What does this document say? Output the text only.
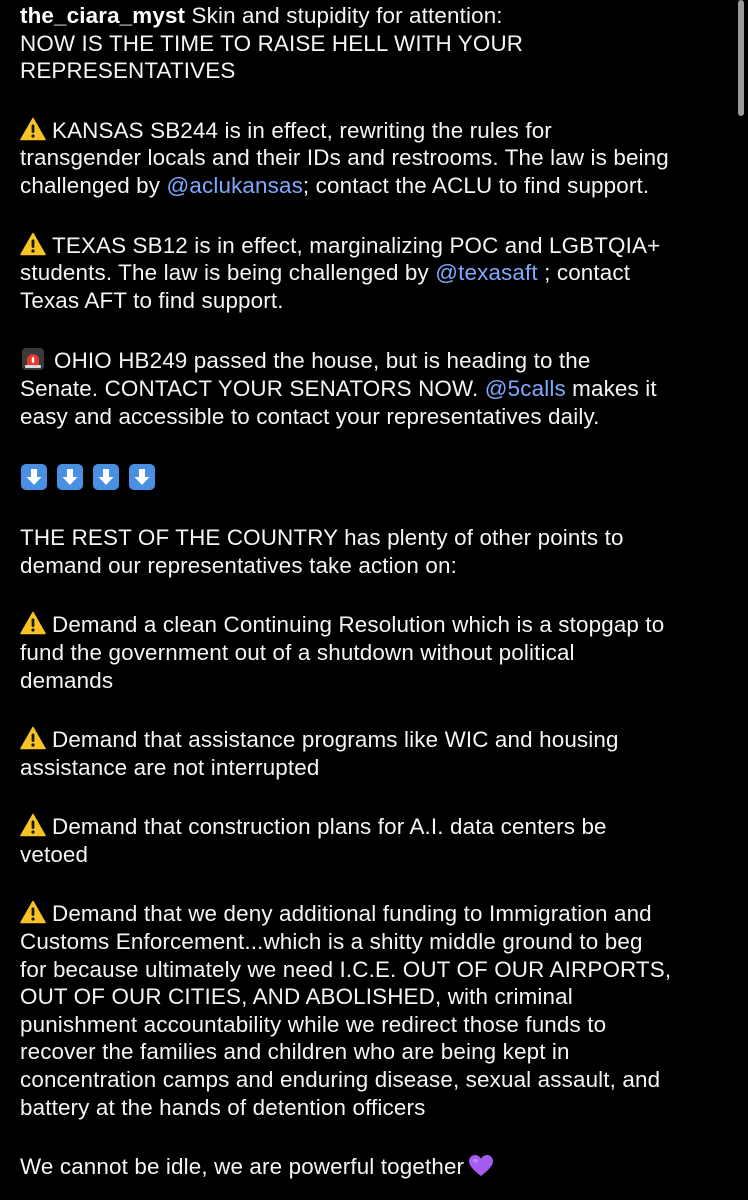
the_ciara_myst Skin and stupidity for attention:
NOW IS THE TIME TO RAISE HELL WITH YOUR
REPRESENTATIVES
KANSAS SB244 is in effect, rewriting the rules for
transgender locals and their IDs and restrooms. The law is being
challenged by @aclukansas; contact the ACLU to find support.
TEXAS SB12 is in effect, marginalizing POC and LGBTQIA+
students. The law is being challenged by @texasaft ; contact
Texas AFT to find support.
OHIO HB249 passed the house, but is heading to the
Senate. CONTACT YOUR SENATORS NOW. @5calls makes it
easy and accessible to contact your representatives daily.
THE REST OF THE COUNTRY has plenty of other points to
demand our representatives take action on:
Demand a clean Continuing Resolution which is a stopgap to
fund the government out of a shutdown without political
demands
Demand that assistance programs like WIC and housing
assistance are not interrupted
Demand that construction plans for A.I. data centers be
vetoed
Demand that we deny additional funding to Immigration and
Customs Enforcement...which is a shitty middle ground to beg
for because ultimately we need I.C.E. OUT OF OUR AIRPORTS,
OUT OF OUR CITIES, AND ABOLISHED, with criminal
punishment accountability while we redirect those funds to
recover the families and children who are being kept in
concentration camps and enduring disease, sexual assault, and
battery at the hands of detention officers
We cannot be idle, we are powerful together
